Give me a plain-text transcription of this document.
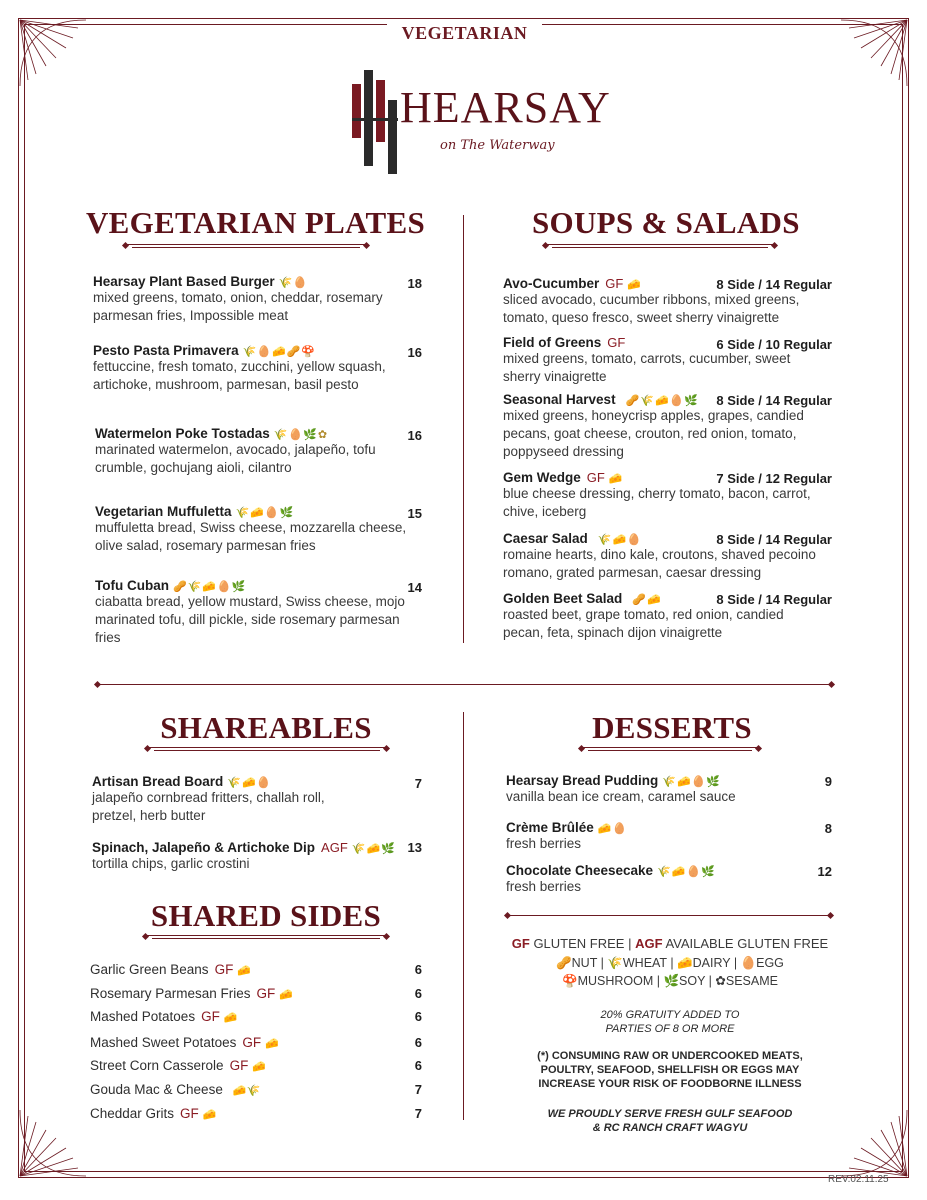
VEGETARIAN
HEARSAY
on The Waterway
VEGETARIAN PLATES	SOUPS & SALADS
Hearsay Plant Based Burger 🌾🥚
mixed greens, tomato, onion, cheddar, rosemary
parmesan fries, Impossible meat
18
Pesto Pasta Primavera 🌾🥚🧀🥜🍄
fettuccine, fresh tomato, zucchini, yellow squash,
artichoke, mushroom, parmesan, basil pesto
16
Watermelon Poke Tostadas 🌾🥚🌿✿
marinated watermelon, avocado, jalapeño, tofu
crumble, gochujang aioli, cilantro
16
Vegetarian Muffuletta 🌾🧀🥚🌿
muffuletta bread, Swiss cheese, mozzarella cheese,
olive salad, rosemary parmesan fries
15
Tofu Cuban 🥜🌾🧀🥚🌿
ciabatta bread, yellow mustard, Swiss cheese, mojo
marinated tofu, dill pickle, side rosemary parmesan
fries
14
Avo-Cucumber GF 🧀
sliced avocado, cucumber ribbons, mixed greens,
tomato, queso fresco, sweet sherry vinaigrette
8 Side / 14 Regular
Field of Greens GF
mixed greens, tomato, carrots, cucumber, sweet
sherry vinaigrette
6 Side / 10 Regular
Seasonal Harvest 🥜🌾🧀🥚🌿
mixed greens, honeycrisp apples, grapes, candied
pecans, goat cheese, crouton, red onion, tomato,
poppyseed dressing
8 Side / 14 Regular
Gem Wedge GF 🧀
blue cheese dressing, cherry tomato, bacon, carrot,
chive, iceberg
7 Side / 12 Regular
Caesar Salad 🌾🧀🥚
romaine hearts, dino kale, croutons, shaved pecoino
romano, grated parmesan, caesar dressing
8 Side / 14 Regular
Golden Beet Salad 🥜🧀
roasted beet, grape tomato, red onion, candied
pecan, feta, spinach dijon vinaigrette
8 Side / 14 Regular
SHAREABLES
Artisan Bread Board 🌾🧀🥚
jalapeño cornbread fritters, challah roll,
pretzel, herb butter
7
Spinach, Jalapeño & Artichoke Dip AGF 🌾🧀🌿
tortilla chips, garlic crostini
13
SHARED SIDES
Garlic Green Beans GF 🧀	6
Rosemary Parmesan Fries GF 🧀	6
Mashed Potatoes GF 🧀	6
Mashed Sweet Potatoes GF 🧀	6
Street Corn Casserole GF 🧀	6
Gouda Mac & Cheese 🧀🌾	7
Cheddar Grits GF 🧀	7
DESSERTS
Hearsay Bread Pudding 🌾🧀🥚🌿
vanilla bean ice cream, caramel sauce
9
Crème Brûlée 🧀🥚
fresh berries
8
Chocolate Cheesecake 🌾🧀🥚🌿
fresh berries
12
GF GLUTEN FREE | AGF AVAILABLE GLUTEN FREE
🥜NUT | 🌾WHEAT | 🧀DAIRY | 🥚EGG
🍄MUSHROOM | 🌿SOY | ✿SESAME
20% GRATUITY ADDED TO
PARTIES OF 8 OR MORE
(*) CONSUMING RAW OR UNDERCOOKED MEATS,
POULTRY, SEAFOOD, SHELLFISH OR EGGS MAY
INCREASE YOUR RISK OF FOODBORNE ILLNESS
WE PROUDLY SERVE FRESH GULF SEAFOOD
& RC RANCH CRAFT WAGYU
REV.02.11.25
